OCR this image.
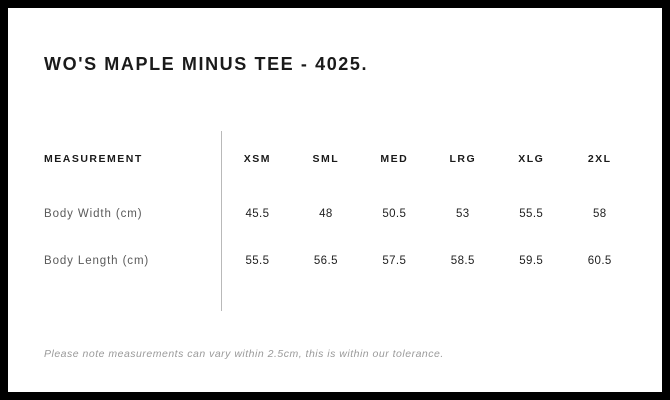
WO'S MAPLE MINUS TEE - 4025.
MEASUREMENT	XSM	SML	MED	LRG	XLG	2XL
Body Width (cm)	45.5	48	50.5	53	55.5	58
Body Length (cm)	55.5	56.5	57.5	58.5	59.5	60.5
Please note measurements can vary within 2.5cm, this is within our tolerance.
